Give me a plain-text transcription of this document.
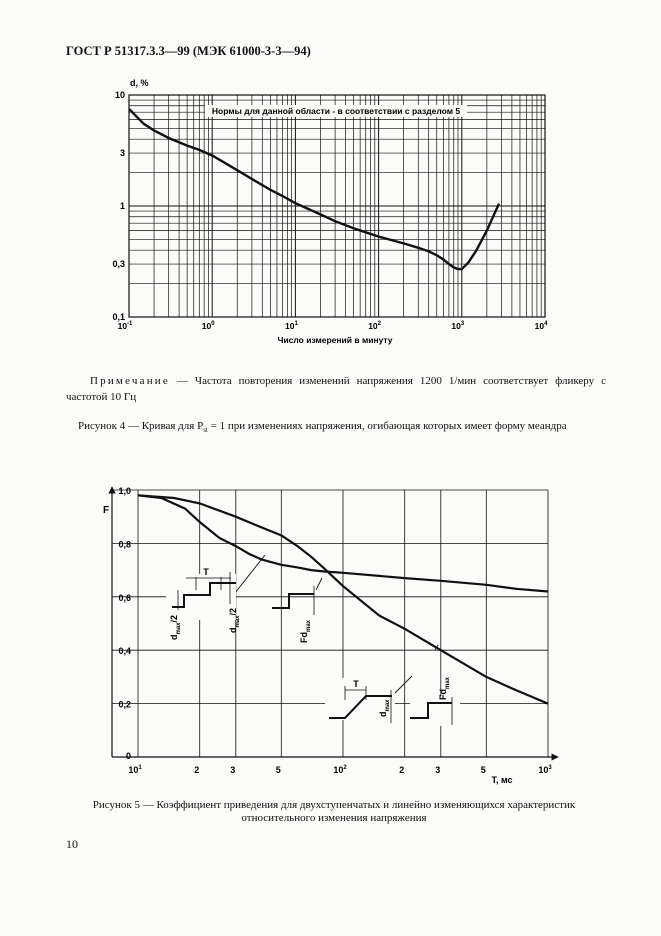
ГОСТ Р 51317.3.3—99 (МЭК 61000-3-3—94)
Нормы для данной области - в соответствии с разделом 5
d, %
10
3
1
0,3
0,1
$10^{-1}$	$10^0$	$10^1$	$10^2$	$10^3$	$10^4$
Число измерений в минуту
Примечание — Частота повторения изменений напряжения 1200 1/мин соответствует фликеру с частотой 10 Гц
Рисунок 4 — Кривая для $P_{st} = 1$ при изменениях напряжения, огибающая которых имеет форму меандра
F
1,0
0,8
0,6
0,4
0,2
0
2	3	5	2	3	5
$10^1$	$10^2$	$10^3$
T, мс
T
$d_{max}/2$
$d_{max}/2$
$Fd_{max}$
T
$d_{max}$
$Fd_{max}$
Рисунок 5 — Коэффициент приведения для двухступенчатых и линейно изменяющихся характеристик
относительного изменения напряжения
10
